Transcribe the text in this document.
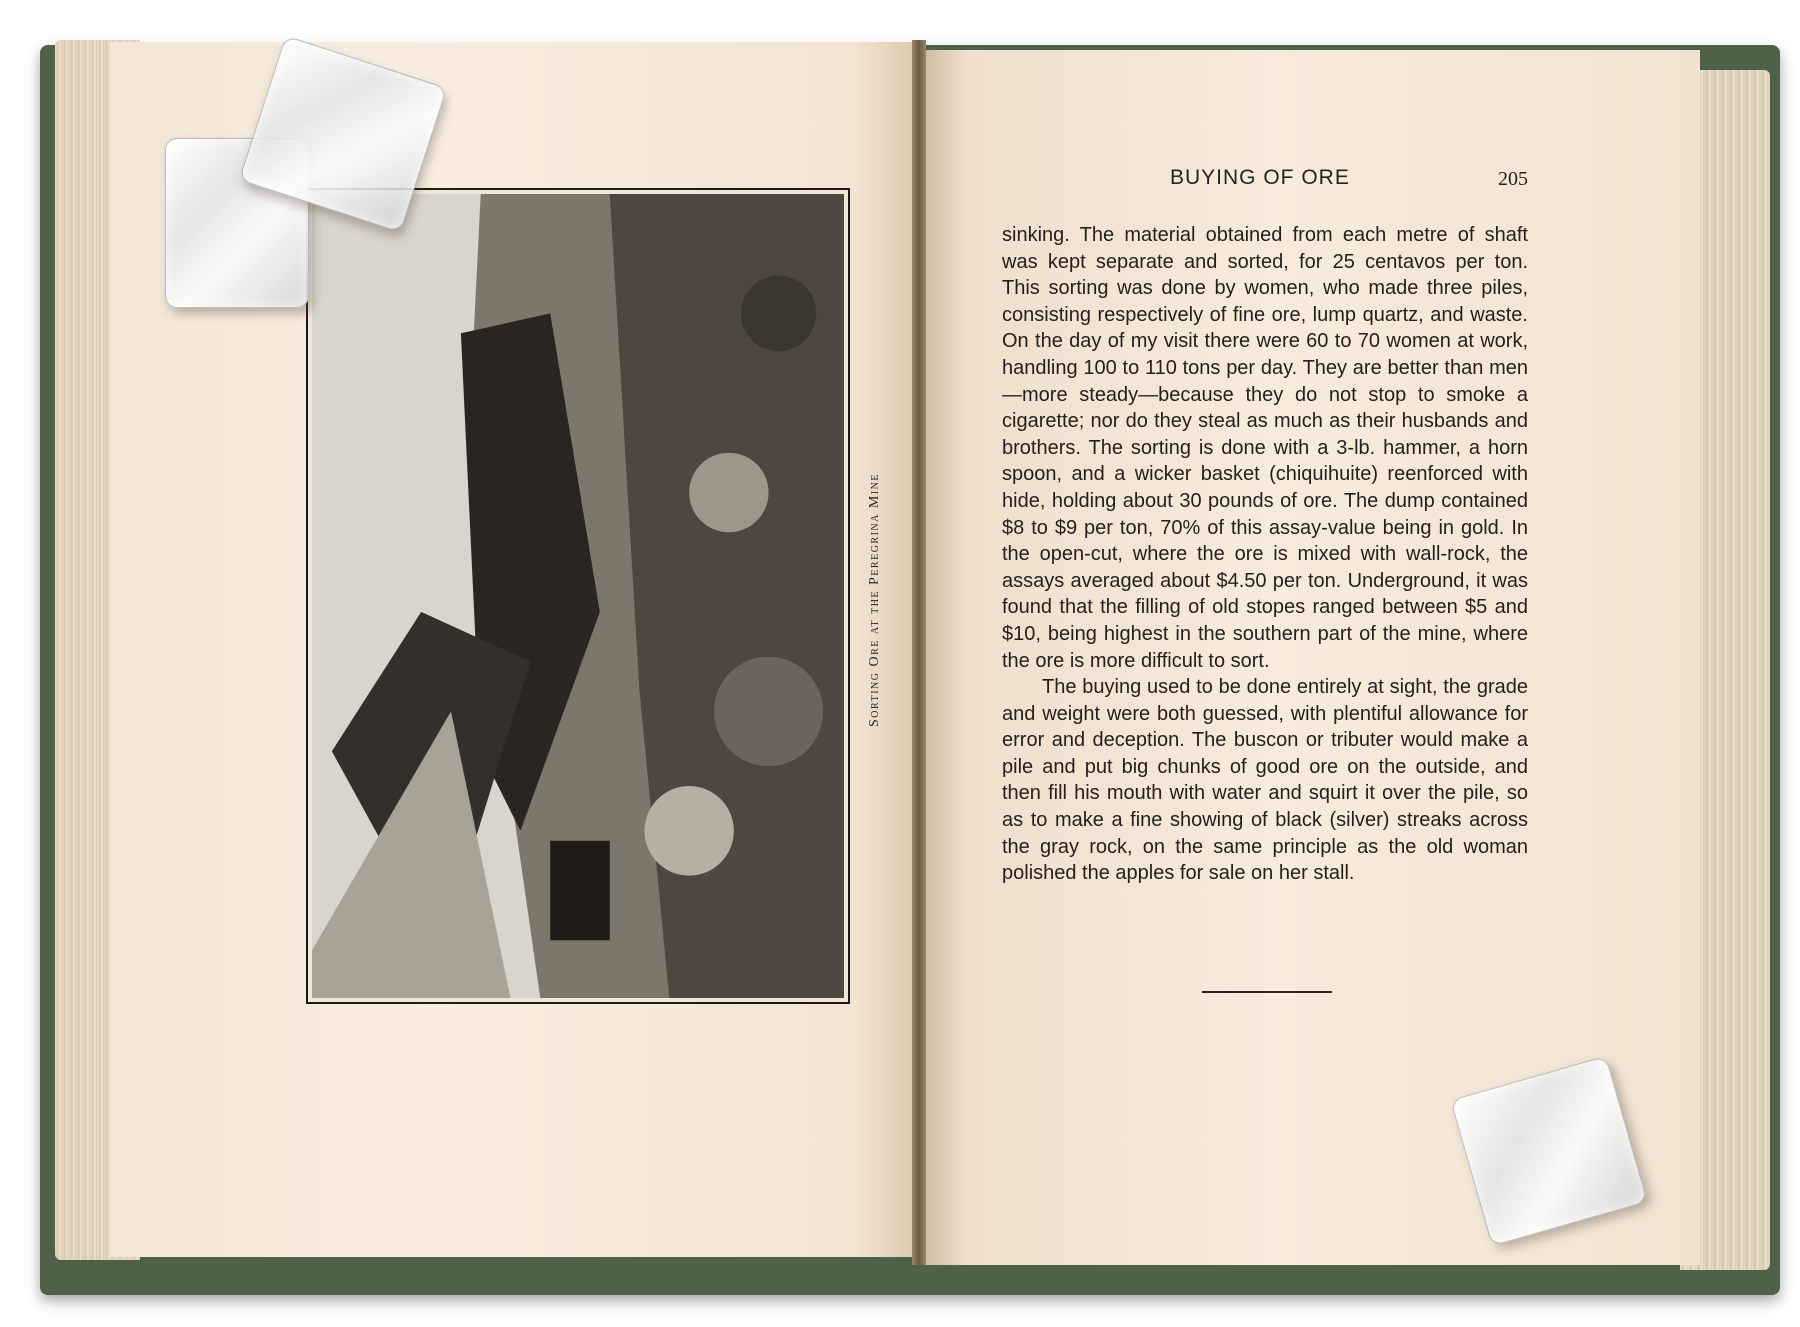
Sorting Ore at the Peregrina Mine
BUYING OF ORE	205

sinking. The material obtained from each metre of shaft was kept separate and sorted, for 25 centavos per ton. This sorting was done by women, who made three piles, consisting respectively of fine ore, lump quartz, and waste. On the day of my visit there were 60 to 70 women at work, handling 100 to 110 tons per day. They are better than men—more steady—because they do not stop to smoke a cigarette; nor do they steal as much as their husbands and brothers. The sorting is done with a 3-lb. hammer, a horn spoon, and a wicker basket (chiquihuite) reenforced with hide, holding about 30 pounds of ore. The dump contained $8 to $9 per ton, 70% of this assay-value being in gold. In the open-cut, where the ore is mixed with wall-rock, the assays averaged about $4.50 per ton. Underground, it was found that the filling of old stopes ranged between $5 and $10, being highest in the southern part of the mine, where the ore is more difficult to sort.

The buying used to be done entirely at sight, the grade and weight were both guessed, with plentiful allowance for error and deception. The buscon or tributer would make a pile and put big chunks of good ore on the outside, and then fill his mouth with water and squirt it over the pile, so as to make a fine showing of black (silver) streaks across the gray rock, on the same principle as the old woman polished the apples for sale on her stall.
